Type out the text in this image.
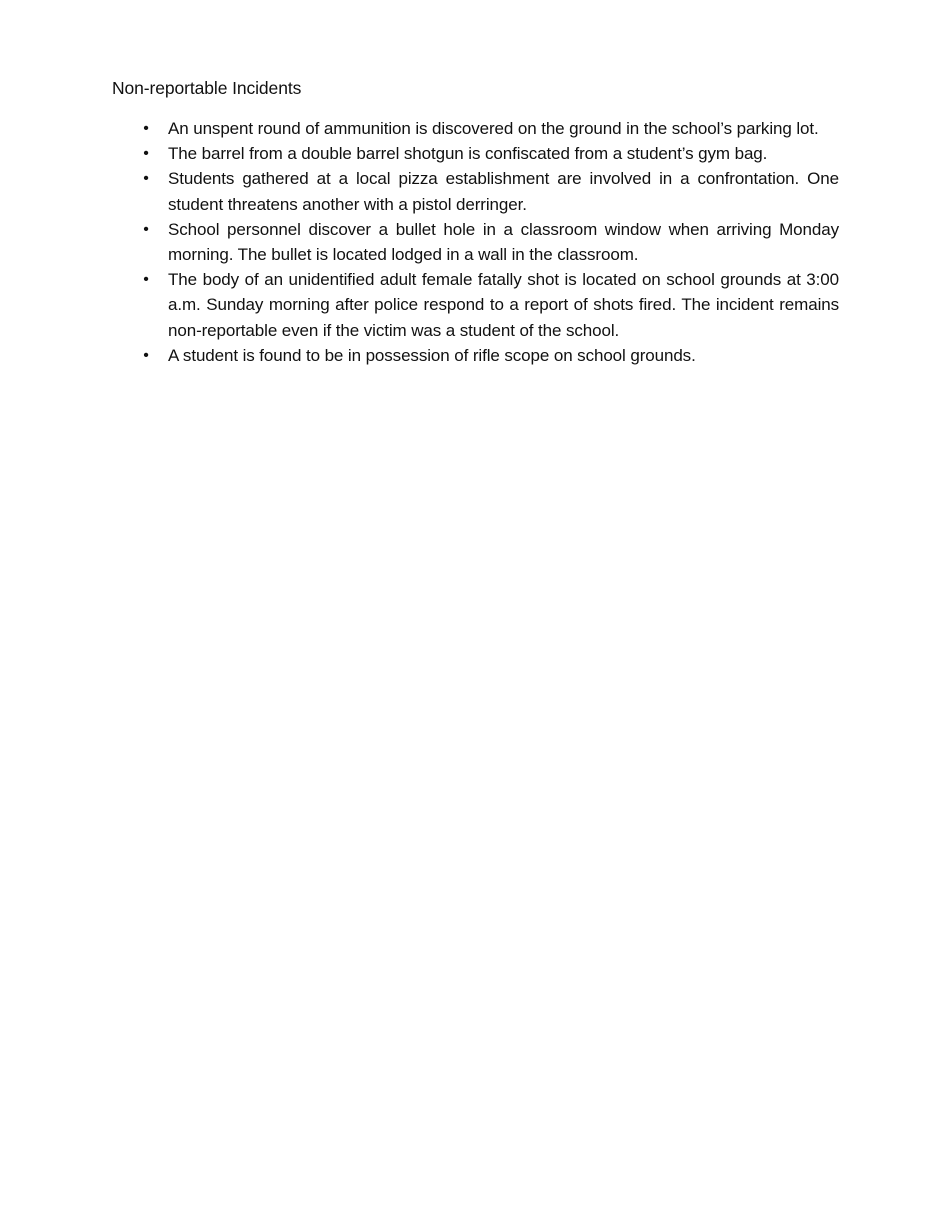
Non-reportable Incidents
• An unspent round of ammunition is discovered on the ground in the school’s parking lot.
• The barrel from a double barrel shotgun is confiscated from a student’s gym bag.
• Students gathered at a local pizza establishment are involved in a confrontation. One student threatens another with a pistol derringer.
• School personnel discover a bullet hole in a classroom window when arriving Monday morning. The bullet is located lodged in a wall in the classroom.
• The body of an unidentified adult female fatally shot is located on school grounds at 3:00 a.m. Sunday morning after police respond to a report of shots fired. The incident remains non-reportable even if the victim was a student of the school.
• A student is found to be in possession of rifle scope on school grounds.
